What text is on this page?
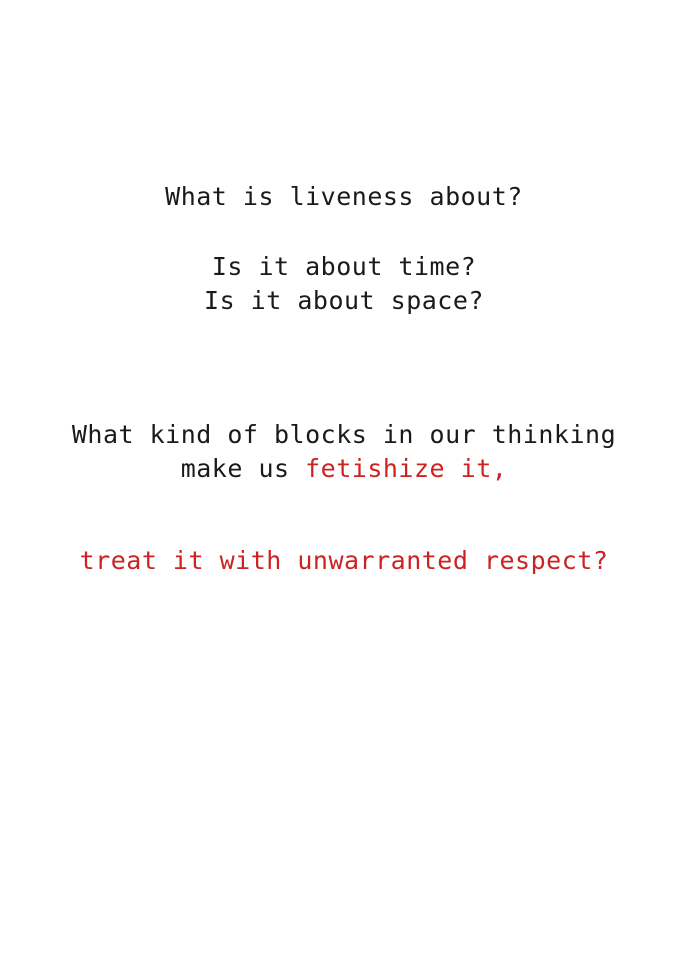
What is liveness about?
Is it about time?
Is it about space?
What kind of blocks in our thinking
make us fetishize it,
treat it with unwarranted respect?
